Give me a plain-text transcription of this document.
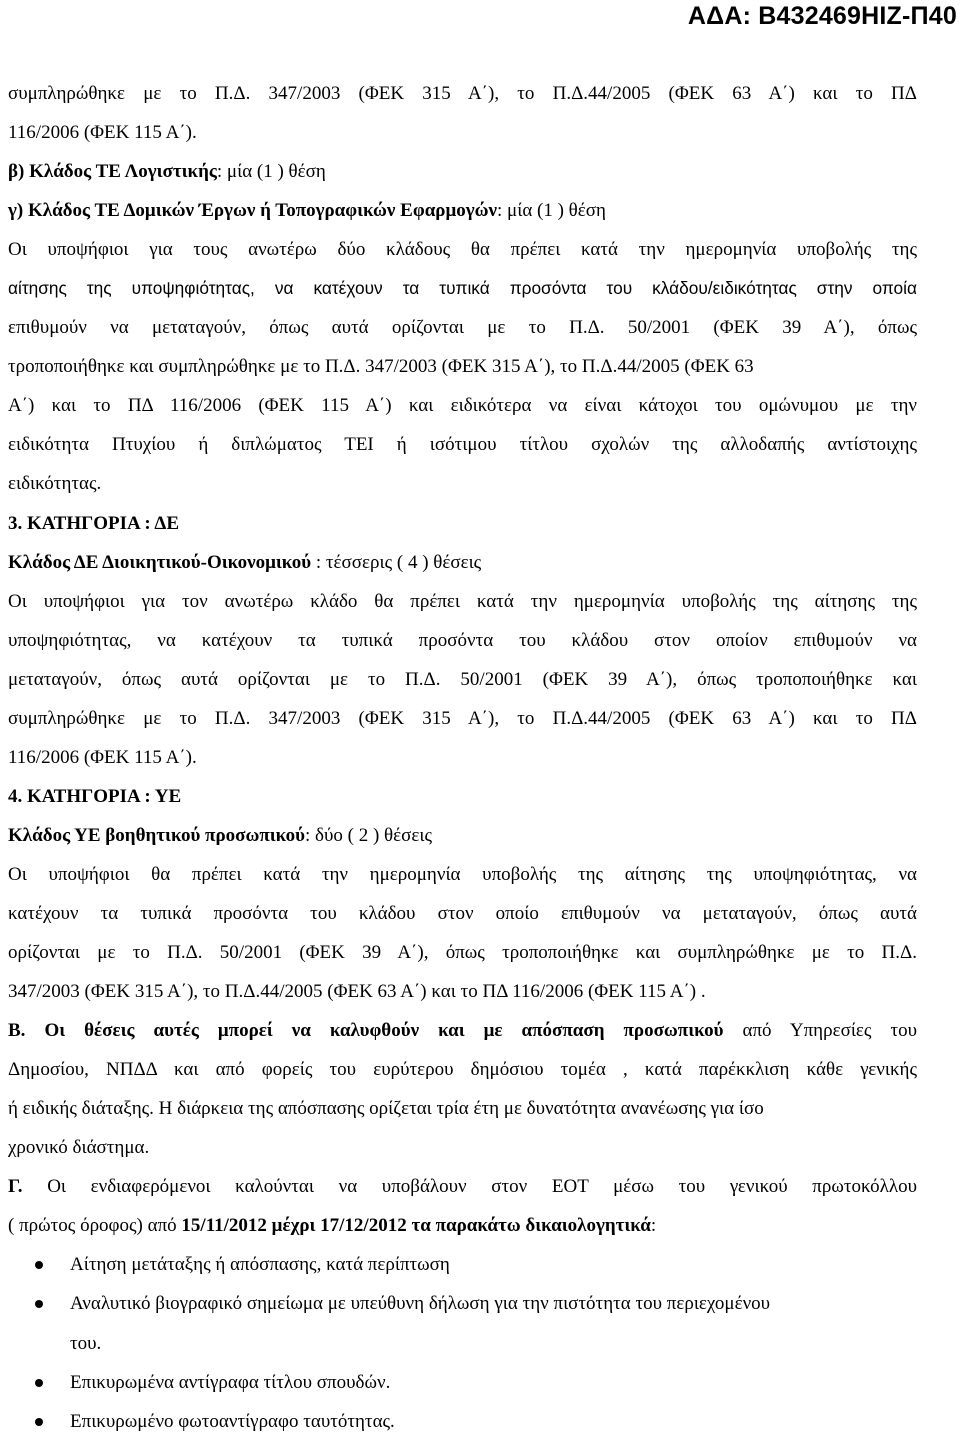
ΑΔΑ: Β432469ΗΙΖ-Π40
συμπληρώθηκε με το Π.Δ. 347/2003 (ΦΕΚ 315 Α΄), το Π.Δ.44/2005 (ΦΕΚ 63 Α΄) και το ΠΔ
116/2006 (ΦΕΚ 115 Α΄).
β) Κλάδος ΤΕ Λογιστικής: μία (1 ) θέση
γ) Κλάδος ΤΕ Δομικών Έργων ή Τοπογραφικών Εφαρμογών: μία (1 ) θέση
Οι υποψήφιοι για τους ανωτέρω δύο κλάδους θα πρέπει κατά την ημερομηνία υποβολής της
αίτησης της υποψηφιότητας, να κατέχουν τα τυπικά προσόντα του κλάδου/ειδικότητας στην οποία
επιθυμούν να μεταταγούν, όπως αυτά ορίζονται με το Π.Δ. 50/2001 (ΦΕΚ 39 Α΄), όπως
τροποποιήθηκε και συμπληρώθηκε με το Π.Δ. 347/2003 (ΦΕΚ 315 Α΄), το Π.Δ.44/2005 (ΦΕΚ 63
Α΄) και το ΠΔ 116/2006 (ΦΕΚ 115 Α΄) και ειδικότερα να είναι κάτοχοι του ομώνυμου με την
ειδικότητα Πτυχίου ή διπλώματος ΤΕΙ ή ισότιμου τίτλου σχολών της αλλοδαπής αντίστοιχης
ειδικότητας.
3. ΚΑΤΗΓΟΡΙΑ : ΔΕ
Κλάδος ΔΕ Διοικητικού-Οικονομικού : τέσσερις ( 4 ) θέσεις
Οι υποψήφιοι για τον ανωτέρω κλάδο θα πρέπει κατά την ημερομηνία υποβολής της αίτησης της
υποψηφιότητας, να κατέχουν τα τυπικά προσόντα του κλάδου στον οποίον επιθυμούν να
μεταταγούν, όπως αυτά ορίζονται με το Π.Δ. 50/2001 (ΦΕΚ 39 Α΄), όπως τροποποιήθηκε και
συμπληρώθηκε με το Π.Δ. 347/2003 (ΦΕΚ 315 Α΄), το Π.Δ.44/2005 (ΦΕΚ 63 Α΄) και το ΠΔ
116/2006 (ΦΕΚ 115 Α΄).
4. ΚΑΤΗΓΟΡΙΑ : ΥΕ
Κλάδος ΥΕ βοηθητικού προσωπικού: δύο ( 2 ) θέσεις
Οι υποψήφιοι θα πρέπει κατά την ημερομηνία υποβολής της αίτησης της υποψηφιότητας, να
κατέχουν τα τυπικά προσόντα του κλάδου στον οποίο επιθυμούν να μεταταγούν, όπως αυτά
ορίζονται με το Π.Δ. 50/2001 (ΦΕΚ 39 Α΄), όπως τροποποιήθηκε και συμπληρώθηκε με το Π.Δ.
347/2003 (ΦΕΚ 315 Α΄), το Π.Δ.44/2005 (ΦΕΚ 63 Α΄) και το ΠΔ 116/2006 (ΦΕΚ 115 Α΄) .
Β. Οι θέσεις αυτές μπορεί να καλυφθούν και με απόσπαση προσωπικού από Υπηρεσίες του
Δημοσίου, ΝΠΔΔ και από φορείς του ευρύτερου δημόσιου τομέα , κατά παρέκκλιση κάθε γενικής
ή ειδικής διάταξης. Η διάρκεια της απόσπασης ορίζεται τρία έτη με δυνατότητα ανανέωσης για ίσο
χρονικό διάστημα.
Γ. Οι ενδιαφερόμενοι καλούνται να υποβάλουν στον ΕΟΤ μέσω του γενικού πρωτοκόλλου
( πρώτος όροφος) από 15/11/2012 μέχρι 17/12/2012 τα παρακάτω δικαιολογητικά:
Αίτηση μετάταξης ή απόσπασης, κατά περίπτωση
Αναλυτικό βιογραφικό σημείωμα με υπεύθυνη δήλωση για την πιστότητα του περιεχομένου
του.
Επικυρωμένα αντίγραφα τίτλου σπουδών.
Επικυρωμένο φωτοαντίγραφο ταυτότητας.
